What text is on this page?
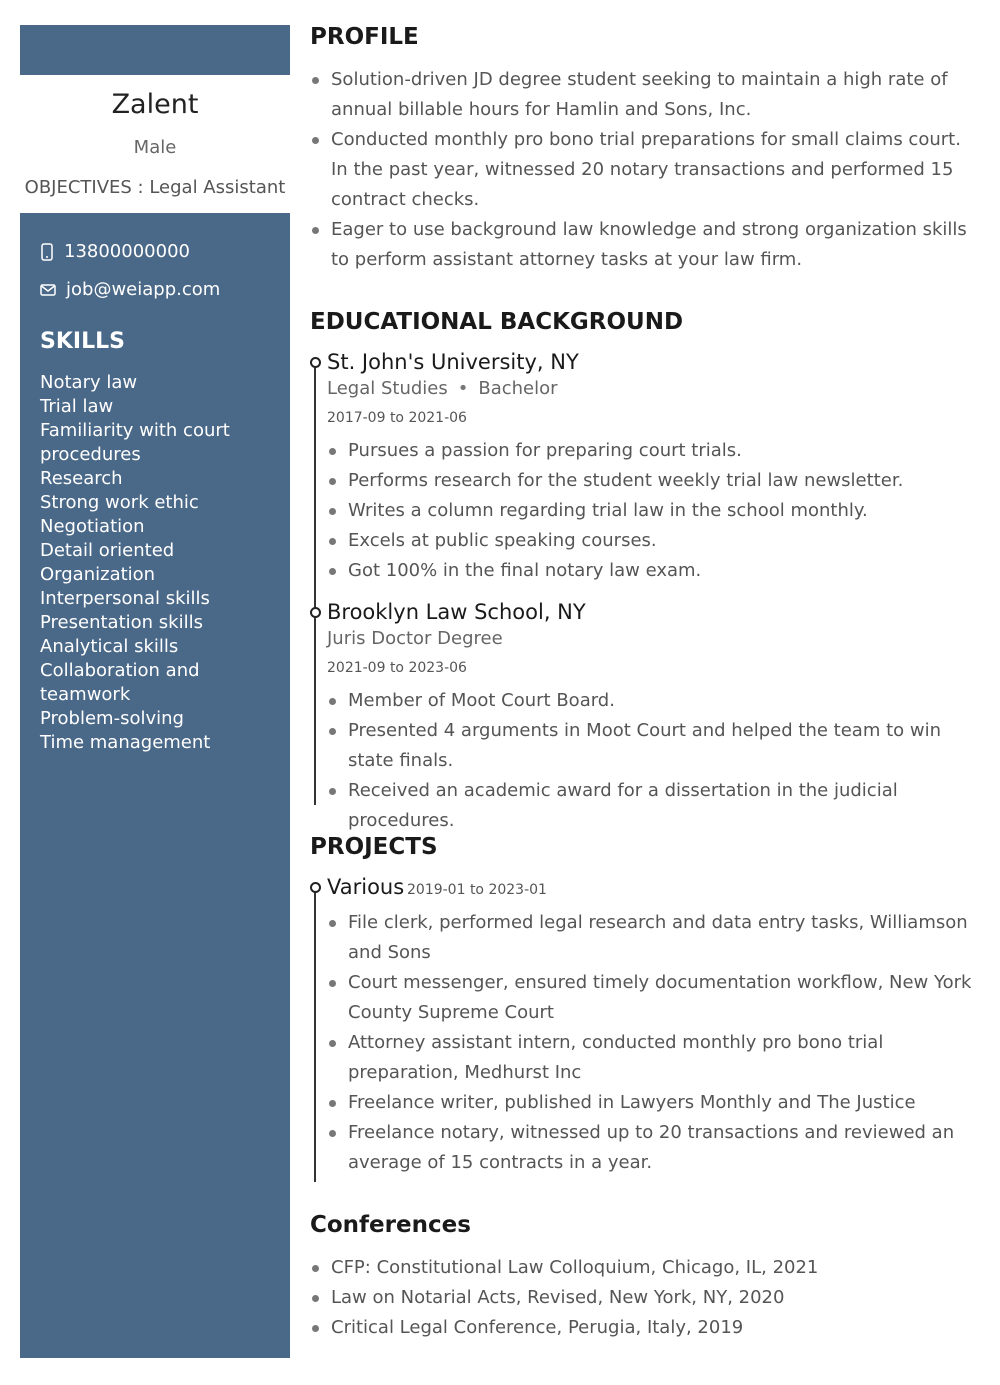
Zalent
Male
OBJECTIVES : Legal Assistant
13800000000
job@weiapp.com
SKILLS
Notary law
Trial law
Familiarity with court procedures
Research
Strong work ethic
Negotiation
Detail oriented
Organization
Interpersonal skills
Presentation skills
Analytical skills
Collaboration and teamwork
Problem-solving
Time management
PROFILE
Solution-driven JD degree student seeking to maintain a high rate of annual billable hours for Hamlin and Sons, Inc.
Conducted monthly pro bono trial preparations for small claims court. In the past year, witnessed 20 notary transactions and performed 15 contract checks.
Eager to use background law knowledge and strong organization skills to perform assistant attorney tasks at your law firm.
EDUCATIONAL BACKGROUND
St. John's University, NY
Legal Studies • Bachelor
2017-09 to 2021-06
Pursues a passion for preparing court trials.
Performs research for the student weekly trial law newsletter.
Writes a column regarding trial law in the school monthly.
Excels at public speaking courses.
Got 100% in the final notary law exam.
Brooklyn Law School, NY
Juris Doctor Degree
2021-09 to 2023-06
Member of Moot Court Board.
Presented 4 arguments in Moot Court and helped the team to win state finals.
Received an academic award for a dissertation in the judicial procedures.
PROJECTS
Various 2019-01 to 2023-01
File clerk, performed legal research and data entry tasks, Williamson and Sons
Court messenger, ensured timely documentation workflow, New York County Supreme Court
Attorney assistant intern, conducted monthly pro bono trial preparation, Medhurst Inc
Freelance writer, published in Lawyers Monthly and The Justice
Freelance notary, witnessed up to 20 transactions and reviewed an average of 15 contracts in a year.
Conferences
CFP: Constitutional Law Colloquium, Chicago, IL, 2021
Law on Notarial Acts, Revised, New York, NY, 2020
Critical Legal Conference, Perugia, Italy, 2019
